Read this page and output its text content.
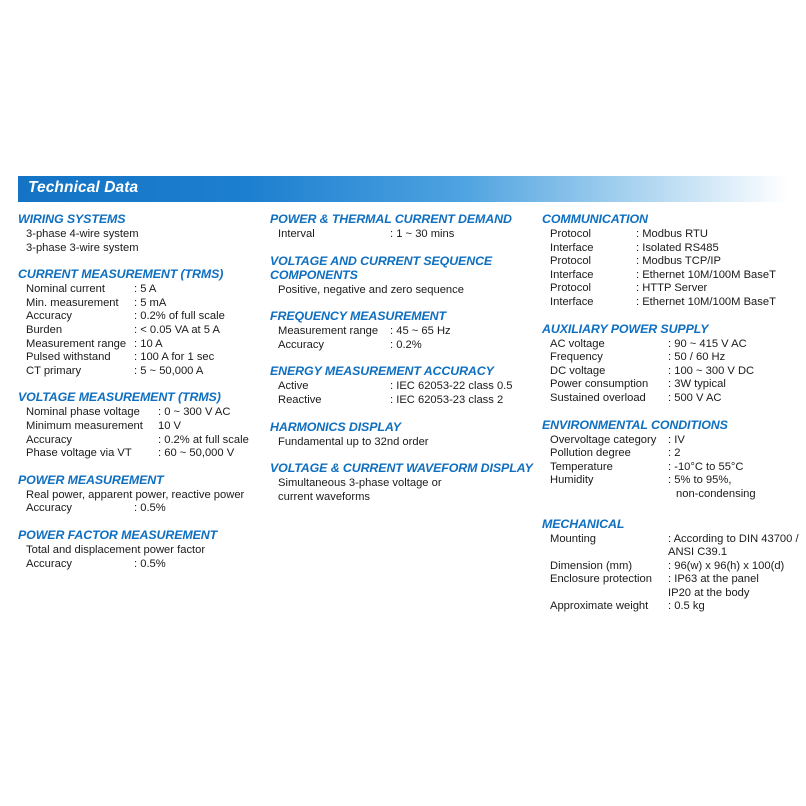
Technical Data
WIRING SYSTEMS
3-phase 4-wire system
3-phase 3-wire system
CURRENT MEASUREMENT (TRMS)
Nominal current	: 5 A
Min. measurement	: 5 mA
Accuracy	: 0.2% of full scale
Burden	: < 0.05 VA at 5 A
Measurement range : 10 A
Pulsed withstand	: 100 A for 1 sec
CT primary	: 5 ~ 50,000 A
VOLTAGE MEASUREMENT (TRMS)
Nominal phase voltage	: 0 ~ 300 V AC
Minimum measurement	10 V
Accuracy	: 0.2% at full scale
Phase voltage via VT	: 60 ~ 50,000 V
POWER MEASUREMENT
Real power, apparent power, reactive power
Accuracy	: 0.5%
POWER FACTOR MEASUREMENT
Total and displacement power factor
Accuracy	: 0.5%
POWER & THERMAL CURRENT DEMAND
Interval	: 1 ~ 30 mins
VOLTAGE AND CURRENT SEQUENCE COMPONENTS
Positive, negative and zero sequence
FREQUENCY MEASUREMENT
Measurement range	: 45 ~ 65 Hz
Accuracy	: 0.2%
ENERGY MEASUREMENT ACCURACY
Active	: IEC 62053-22 class 0.5
Reactive	: IEC 62053-23 class 2
HARMONICS DISPLAY
Fundamental up to 32nd order
VOLTAGE & CURRENT WAVEFORM DISPLAY
Simultaneous 3-phase voltage or
current waveforms
COMMUNICATION
Protocol	: Modbus RTU
Interface	: Isolated RS485
Protocol	: Modbus TCP/IP
Interface	: Ethernet 10M/100M BaseT
Protocol	: HTTP Server
Interface	: Ethernet 10M/100M BaseT
AUXILIARY POWER SUPPLY
AC voltage	: 90 ~ 415 V AC
Frequency	: 50 / 60 Hz
DC voltage	: 100 ~ 300 V DC
Power consumption	: 3W typical
Sustained overload	: 500 V AC
ENVIRONMENTAL CONDITIONS
Overvoltage category	: IV
Pollution degree	: 2
Temperature	: -10°C to 55°C
Humidity	: 5% to 95%,
non-condensing
MECHANICAL
Mounting	: According to DIN 43700 /
ANSI C39.1
Dimension (mm)	: 96(w) x 96(h) x 100(d)
Enclosure protection	: IP63 at the panel
IP20 at the body
Approximate weight	: 0.5 kg
